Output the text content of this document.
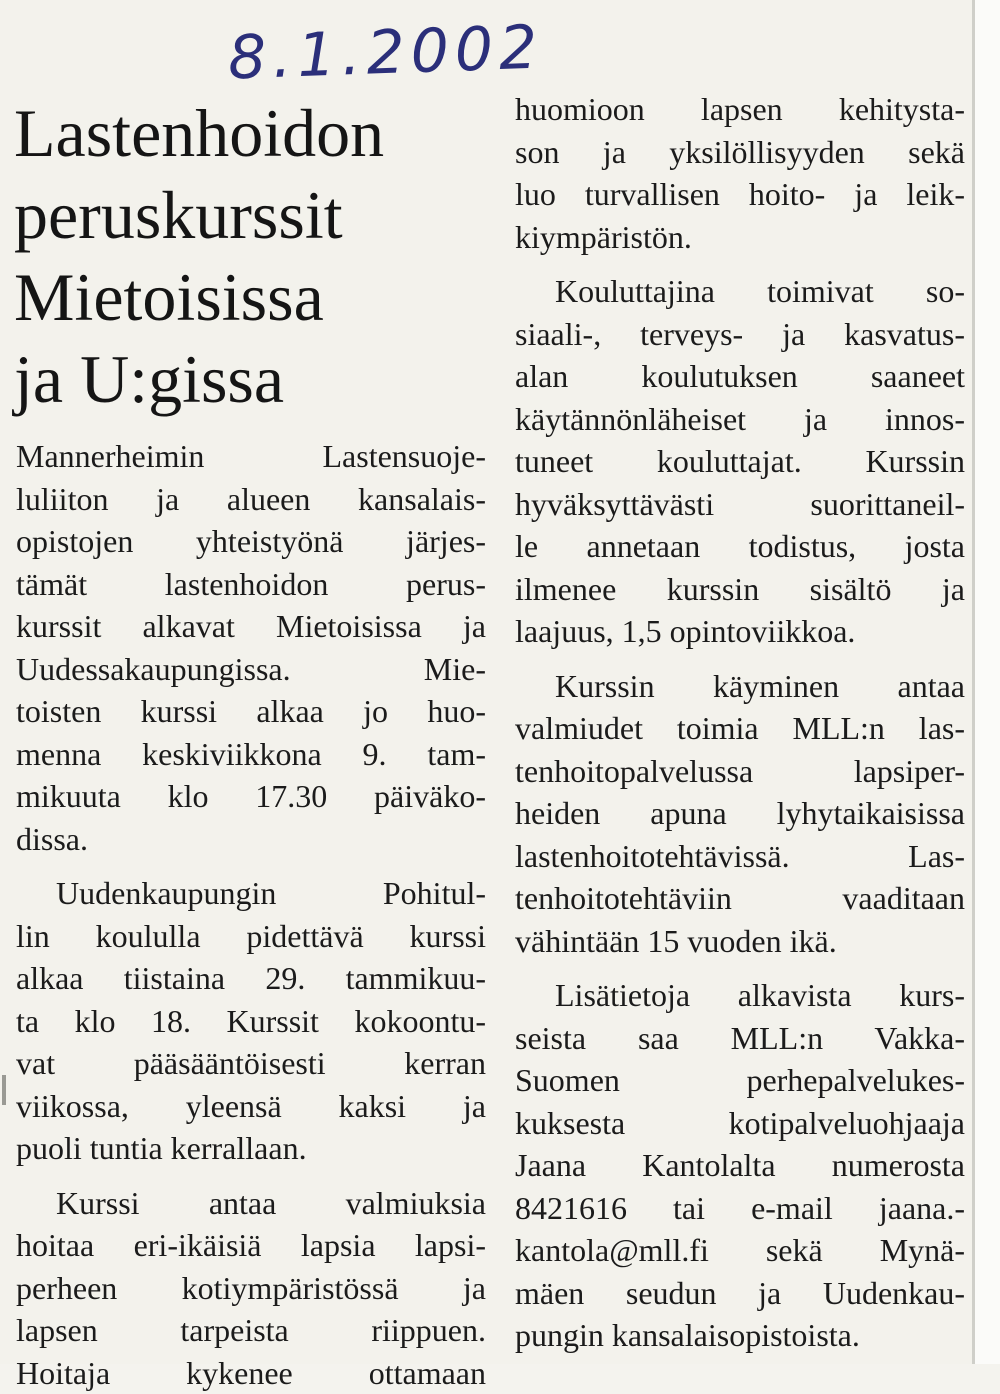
8.1.2002
Lastenhoidon
peruskurssit
Mietoisissa
ja U:gissa

Mannerheimin Lastensuoje-
luliiton ja alueen kansalais-
opistojen yhteistyönä järjes-
tämät lastenhoidon perus-
kurssit alkavat Mietoisissa ja
Uudessakaupungissa. Mie-
toisten kurssi alkaa jo huo-
menna keskiviikkona 9. tam-
mikuuta klo 17.30 päiväko-
dissa.

Uudenkaupungin Pohitul-
lin koululla pidettävä kurssi
alkaa tiistaina 29. tammikuu-
ta klo 18. Kurssit kokoontu-
vat pääsääntöisesti kerran
viikossa, yleensä kaksi ja
puoli tuntia kerrallaan.

Kurssi antaa valmiuksia
hoitaa eri-ikäisiä lapsia lapsi-
perheen kotiympäristössä ja
lapsen tarpeista riippuen.
Hoitaja kykenee ottamaan

huomioon lapsen kehitysta-
son ja yksilöllisyyden sekä
luo turvallisen hoito- ja leik-
kiympäristön.

Kouluttajina toimivat so-
siaali-, terveys- ja kasvatus-
alan koulutuksen saaneet
käytännönläheiset ja innos-
tuneet kouluttajat. Kurssin
hyväksyttävästi suorittaneil-
le annetaan todistus, josta
ilmenee kurssin sisältö ja
laajuus, 1,5 opintoviikkoa.

Kurssin käyminen antaa
valmiudet toimia MLL:n las-
tenhoitopalvelussa lapsiper-
heiden apuna lyhytaikaisissa
lastenhoitotehtävissä. Las-
tenhoitotehtäviin vaaditaan
vähintään 15 vuoden ikä.

Lisätietoja alkavista kurs-
seista saa MLL:n Vakka-
Suomen perhepalvelukes-
kuksesta kotipalveluohjaaja
Jaana Kantolalta numerosta
8421616 tai e-mail jaana.-
kantola@mll.fi sekä Mynä-
mäen seudun ja Uudenkau-
pungin kansalaisopistoista.
